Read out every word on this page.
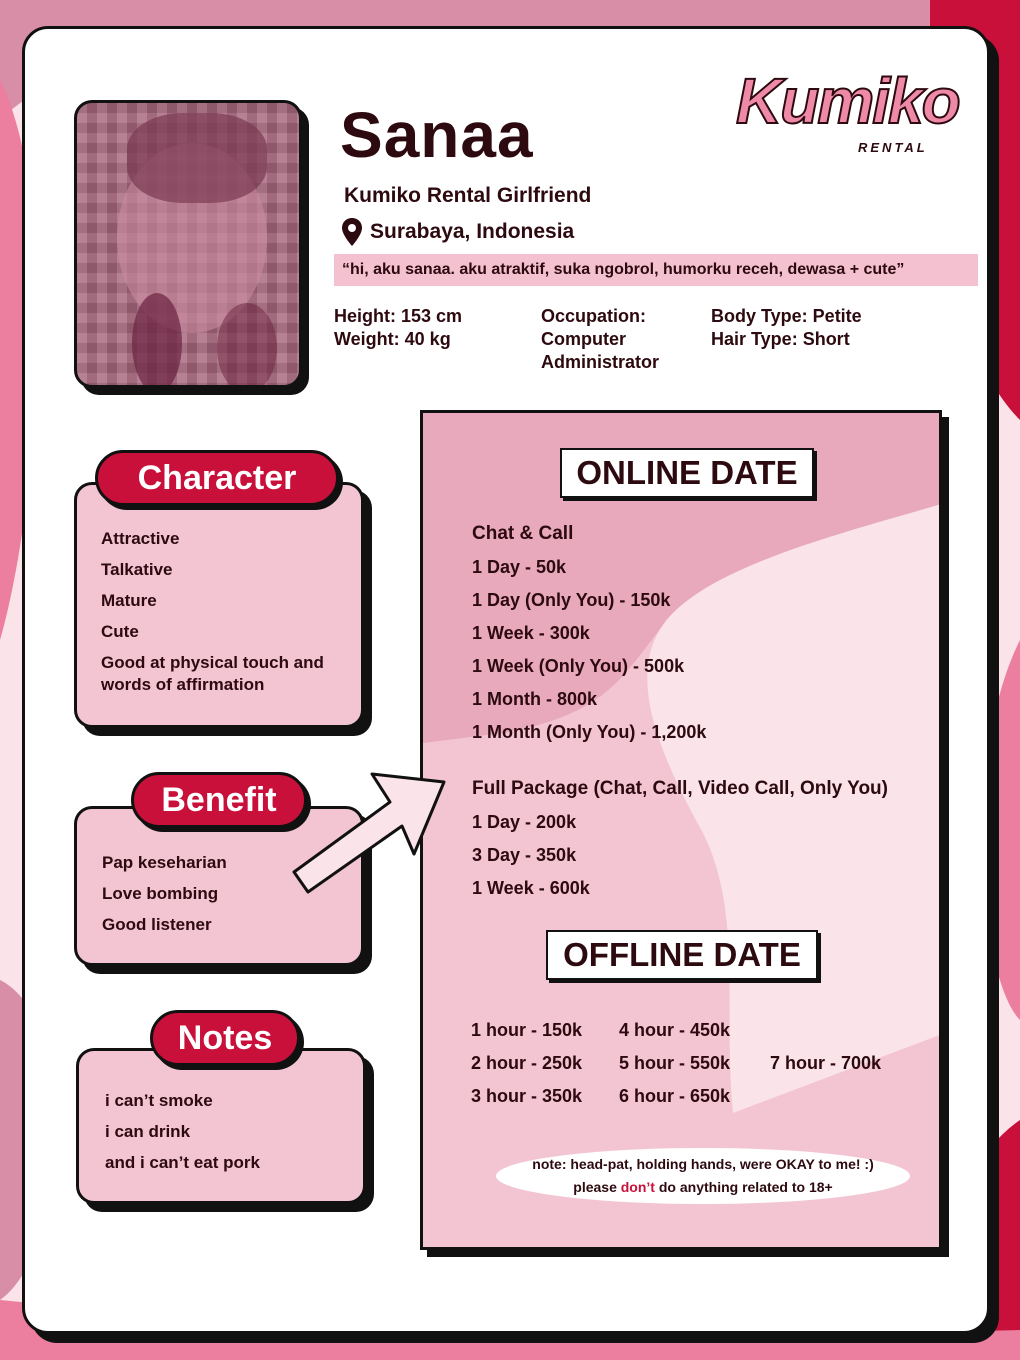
Sanaa
Kumiko Rental Girlfriend
Surabaya, Indonesia
“hi, aku sanaa. aku atraktif, suka ngobrol, humorku receh, dewasa + cute”
Height: 153 cm
Weight: 40 kg
Occupation:
Computer
Administrator
Body Type: Petite
Hair Type: Short
Kumiko
RENTAL
Character
Attractive
Talkative
Mature
Cute
Good at physical touch and words of affirmation
Benefit
Pap keseharian
Love bombing
Good listener
Notes
i can’t smoke
i can drink
and i can’t eat pork
ONLINE DATE
Chat & Call
1 Day - 50k
1 Day (Only You) - 150k
1 Week - 300k
1 Week (Only You) - 500k
1 Month - 800k
1 Month (Only You) - 1,200k
Full Package (Chat, Call, Video Call, Only You)
1 Day - 200k
3 Day - 350k
1 Week - 600k
OFFLINE DATE
1 hour - 150k
2 hour - 250k
3 hour - 350k
4 hour - 450k
5 hour - 550k
6 hour - 650k
7 hour - 700k
note: head-pat, holding hands, were OKAY to me! :)
please don’t do anything related to 18+
